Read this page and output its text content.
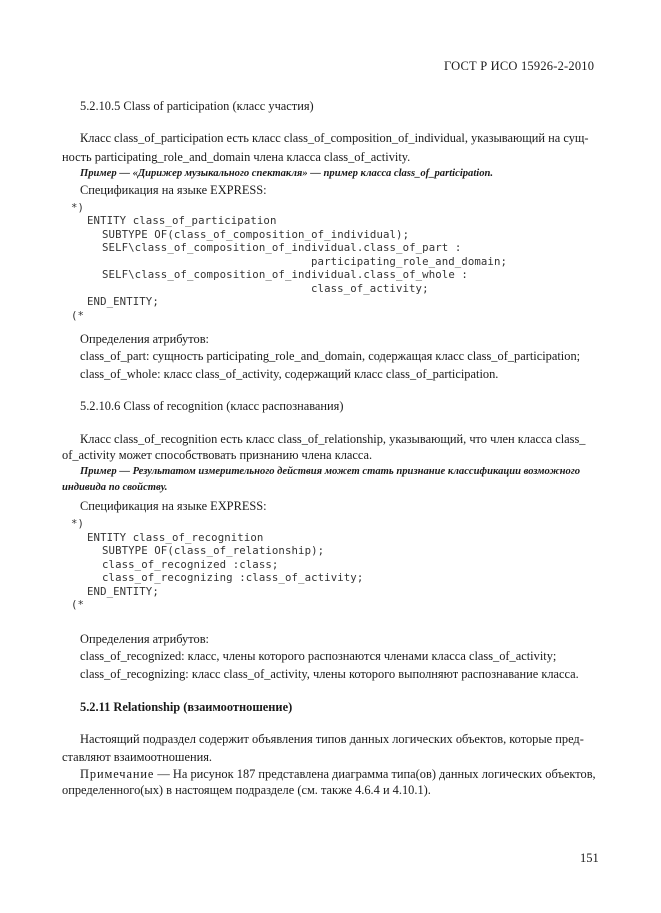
ГОСТ Р ИСО 15926-2-2010
5.2.10.5 Class of participation (класс участия)
Класс class_of_participation есть класс class_of_composition_of_individual, указывающий на сущ-
ность participating_role_and_domain члена класса class_of_activity.
Пример — «Дирижер музыкального спектакля» — пример класса class_of_participation.
Спецификация на языке EXPRESS:
*)
ENTITY class_of_participation
SUBTYPE OF(class_of_composition_of_individual);
SELF\class_of_composition_of_individual.class_of_part :
participating_role_and_domain;
SELF\class_of_composition_of_individual.class_of_whole :
class_of_activity;
END_ENTITY;
(*
Определения атрибутов:
class_of_part: сущность participating_role_and_domain, содержащая класс class_of_participation;
class_of_whole: класс class_of_activity, содержащий класс class_of_participation.
5.2.10.6 Class of recognition (класс распознавания)
Класс class_of_recognition есть класс class_of_relationship, указывающий, что член класса class_
of_activity может способствовать признанию члена класса.
Пример — Результатом измерительного действия может стать признание классификации возможного
индивида по свойству.
Спецификация на языке EXPRESS:
*)
ENTITY class_of_recognition
SUBTYPE OF(class_of_relationship);
class_of_recognized :class;
class_of_recognizing :class_of_activity;
END_ENTITY;
(*
Определения атрибутов:
class_of_recognized: класс, члены которого распознаются членами класса class_of_activity;
class_of_recognizing: класс class_of_activity, члены которого выполняют распознавание класса.
5.2.11 Relationship (взаимоотношение)
Настоящий подраздел содержит объявления типов данных логических объектов, которые пред-
ставляют взаимоотношения.
Примечание — На рисунок 187 представлена диаграмма типа(ов) данных логических объектов,
определенного(ых) в настоящем подразделе (см. также 4.6.4 и 4.10.1).
151
